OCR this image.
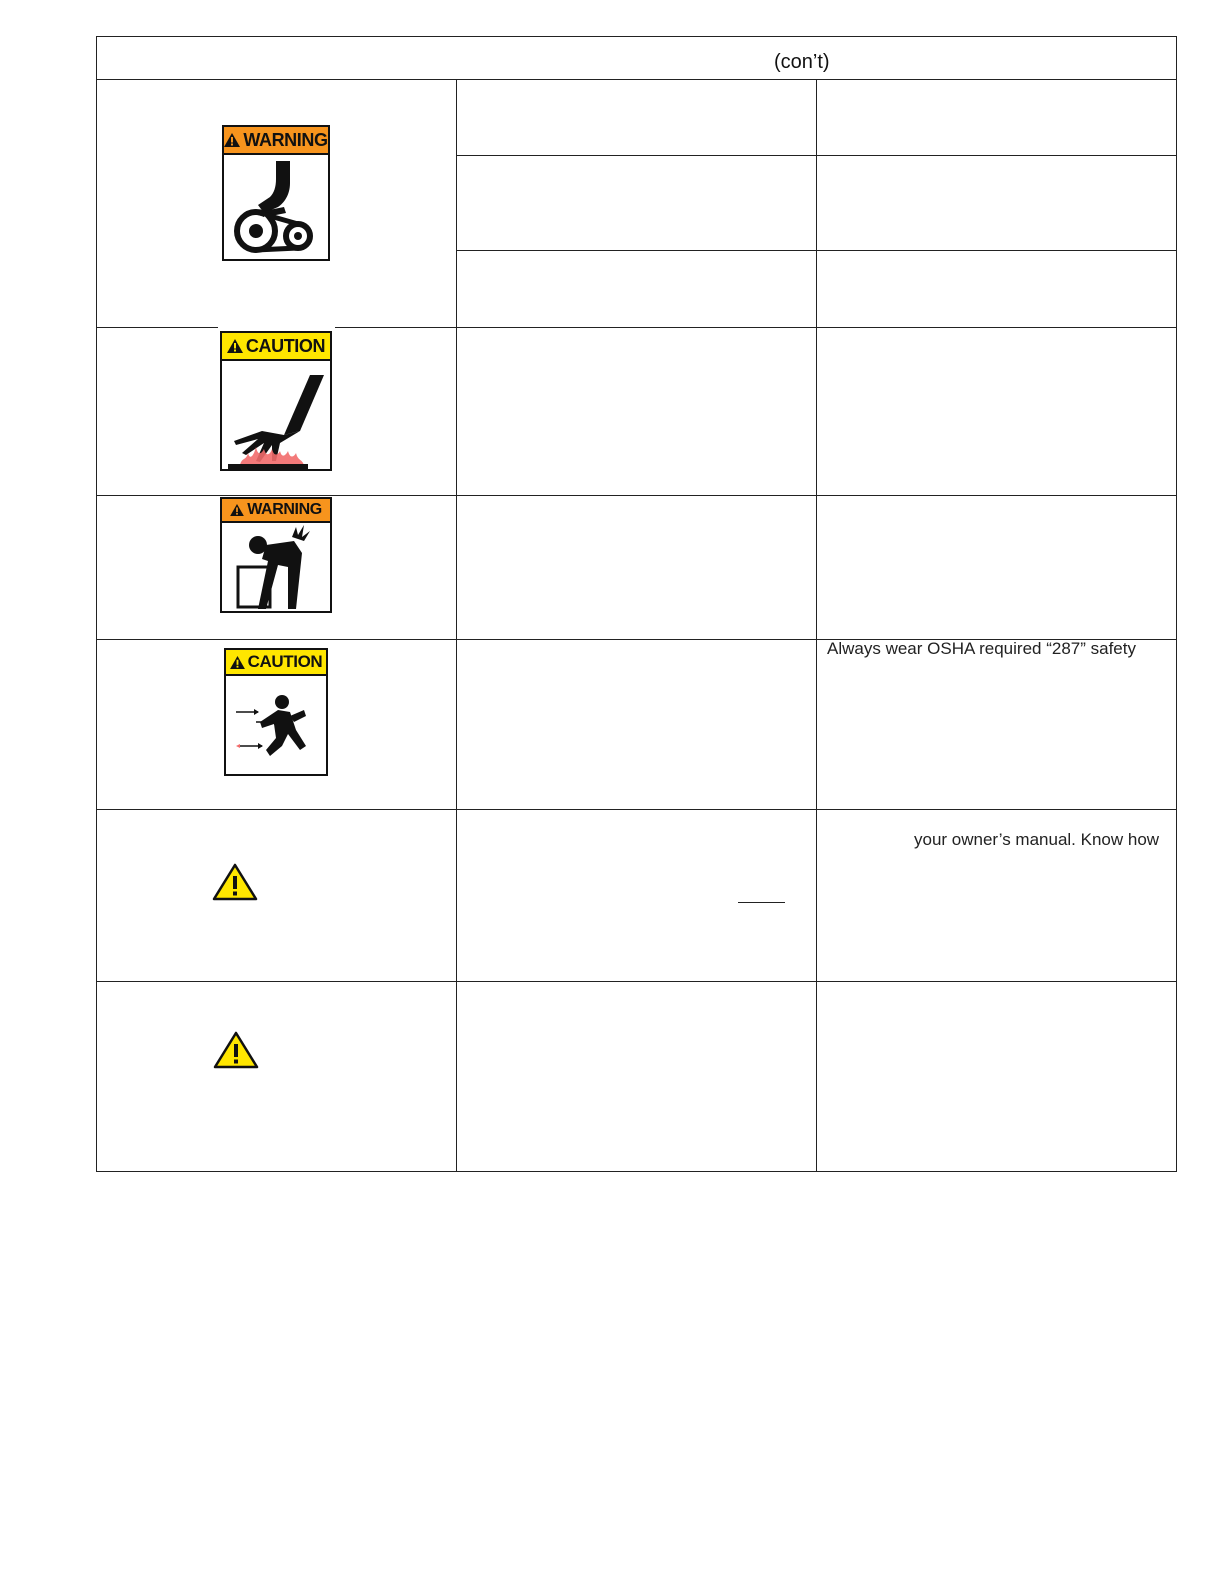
(con’t)
WARNING
CAUTION
WARNING
CAUTION
Always wear OSHA required “287” safety
your owner’s manual. Know how
